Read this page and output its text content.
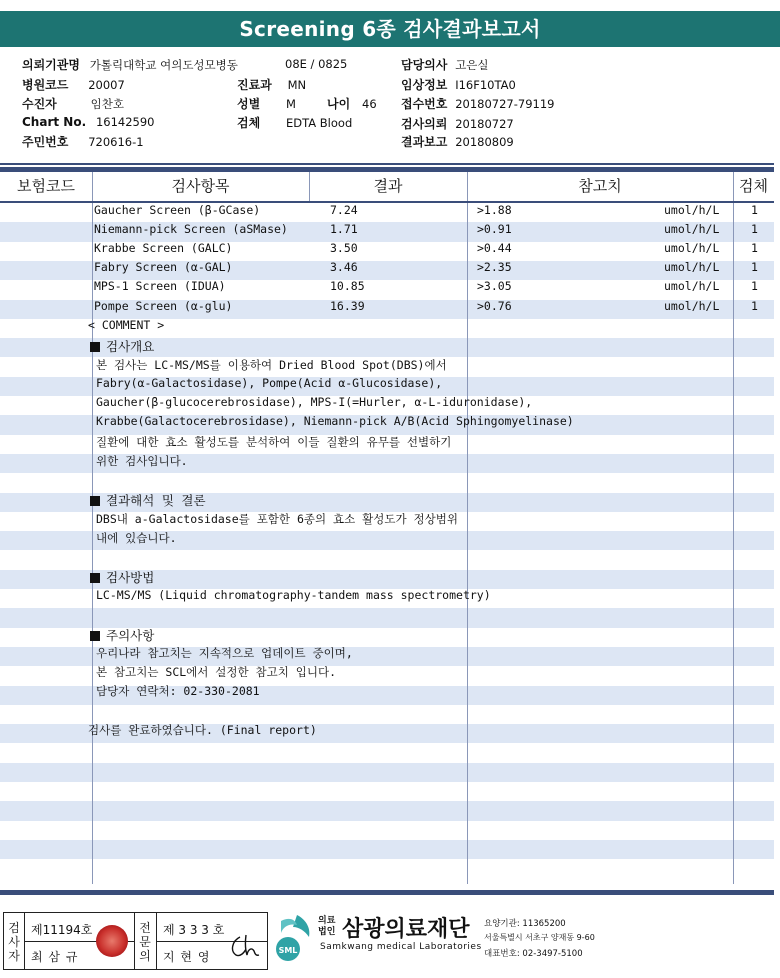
Screening 6종 검사결과보고서
의뢰기관명 가톨릭대학교 여의도성모병동	08E / 0825	담당의사 고은실
병원코드 20007	진료과 MN	임상정보 I16F10TA0
수진자	임찬호	성별 M	나이 46 접수번호 20180727-79119
Chart No. 16142590	검체 EDTA Blood	검사의뢰 20180727
주민번호 720616-1	결과보고 20180809
보험코드	검사항목	결과	참고치	검체
Gaucher Screen (β-GCase)	7.24	>1.88	umol/h/L	1
Niemann-pick Screen (aSMase)	1.71	>0.91	umol/h/L	1
Krabbe Screen (GALC)	3.50	>0.44	umol/h/L	1
Fabry Screen (α-GAL)	3.46	>2.35	umol/h/L	1
MPS-1 Screen (IDUA)	10.85	>3.05	umol/h/L	1
Pompe Screen (α-glu)	16.39	>0.76	umol/h/L	1
< COMMENT >
검사개요
본 검사는 LC-MS/MS를 이용하여 Dried Blood Spot(DBS)에서
Fabry(α-Galactosidase), Pompe(Acid α-Glucosidase),
Gaucher(β-glucocerebrosidase), MPS-I(=Hurler, α-L-iduronidase),
Krabbe(Galactocerebrosidase), Niemann-pick A/B(Acid Sphingomyelinase)
질환에 대한 효소 활성도를 분석하여 이들 질환의 유무를 선별하기
위한 검사입니다.
결과해석 및 결론
DBS내 a-Galactosidase를 포함한 6종의 효소 활성도가 정상범위
내에 있습니다.
검사방법
LC-MS/MS (Liquid chromatography-tandem mass spectrometry)
주의사항
우리나라 참고치는 지속적으로 업데이트 중이며,
본 참고치는 SCL에서 설정한 참고치 입니다.
담당자 연락처: 02-330-2081
검사를 완료하였습니다. (Final report)
검사자
제11194호
최 삼 규
전문의
제 3 3 3 호
지 현 영	SML
의료
법인 삼광의료재단
Samkwang medical Laboratories
요양기관: 11365200
서울특별시 서초구 양재동 9-60
대표번호: 02-3497-5100
